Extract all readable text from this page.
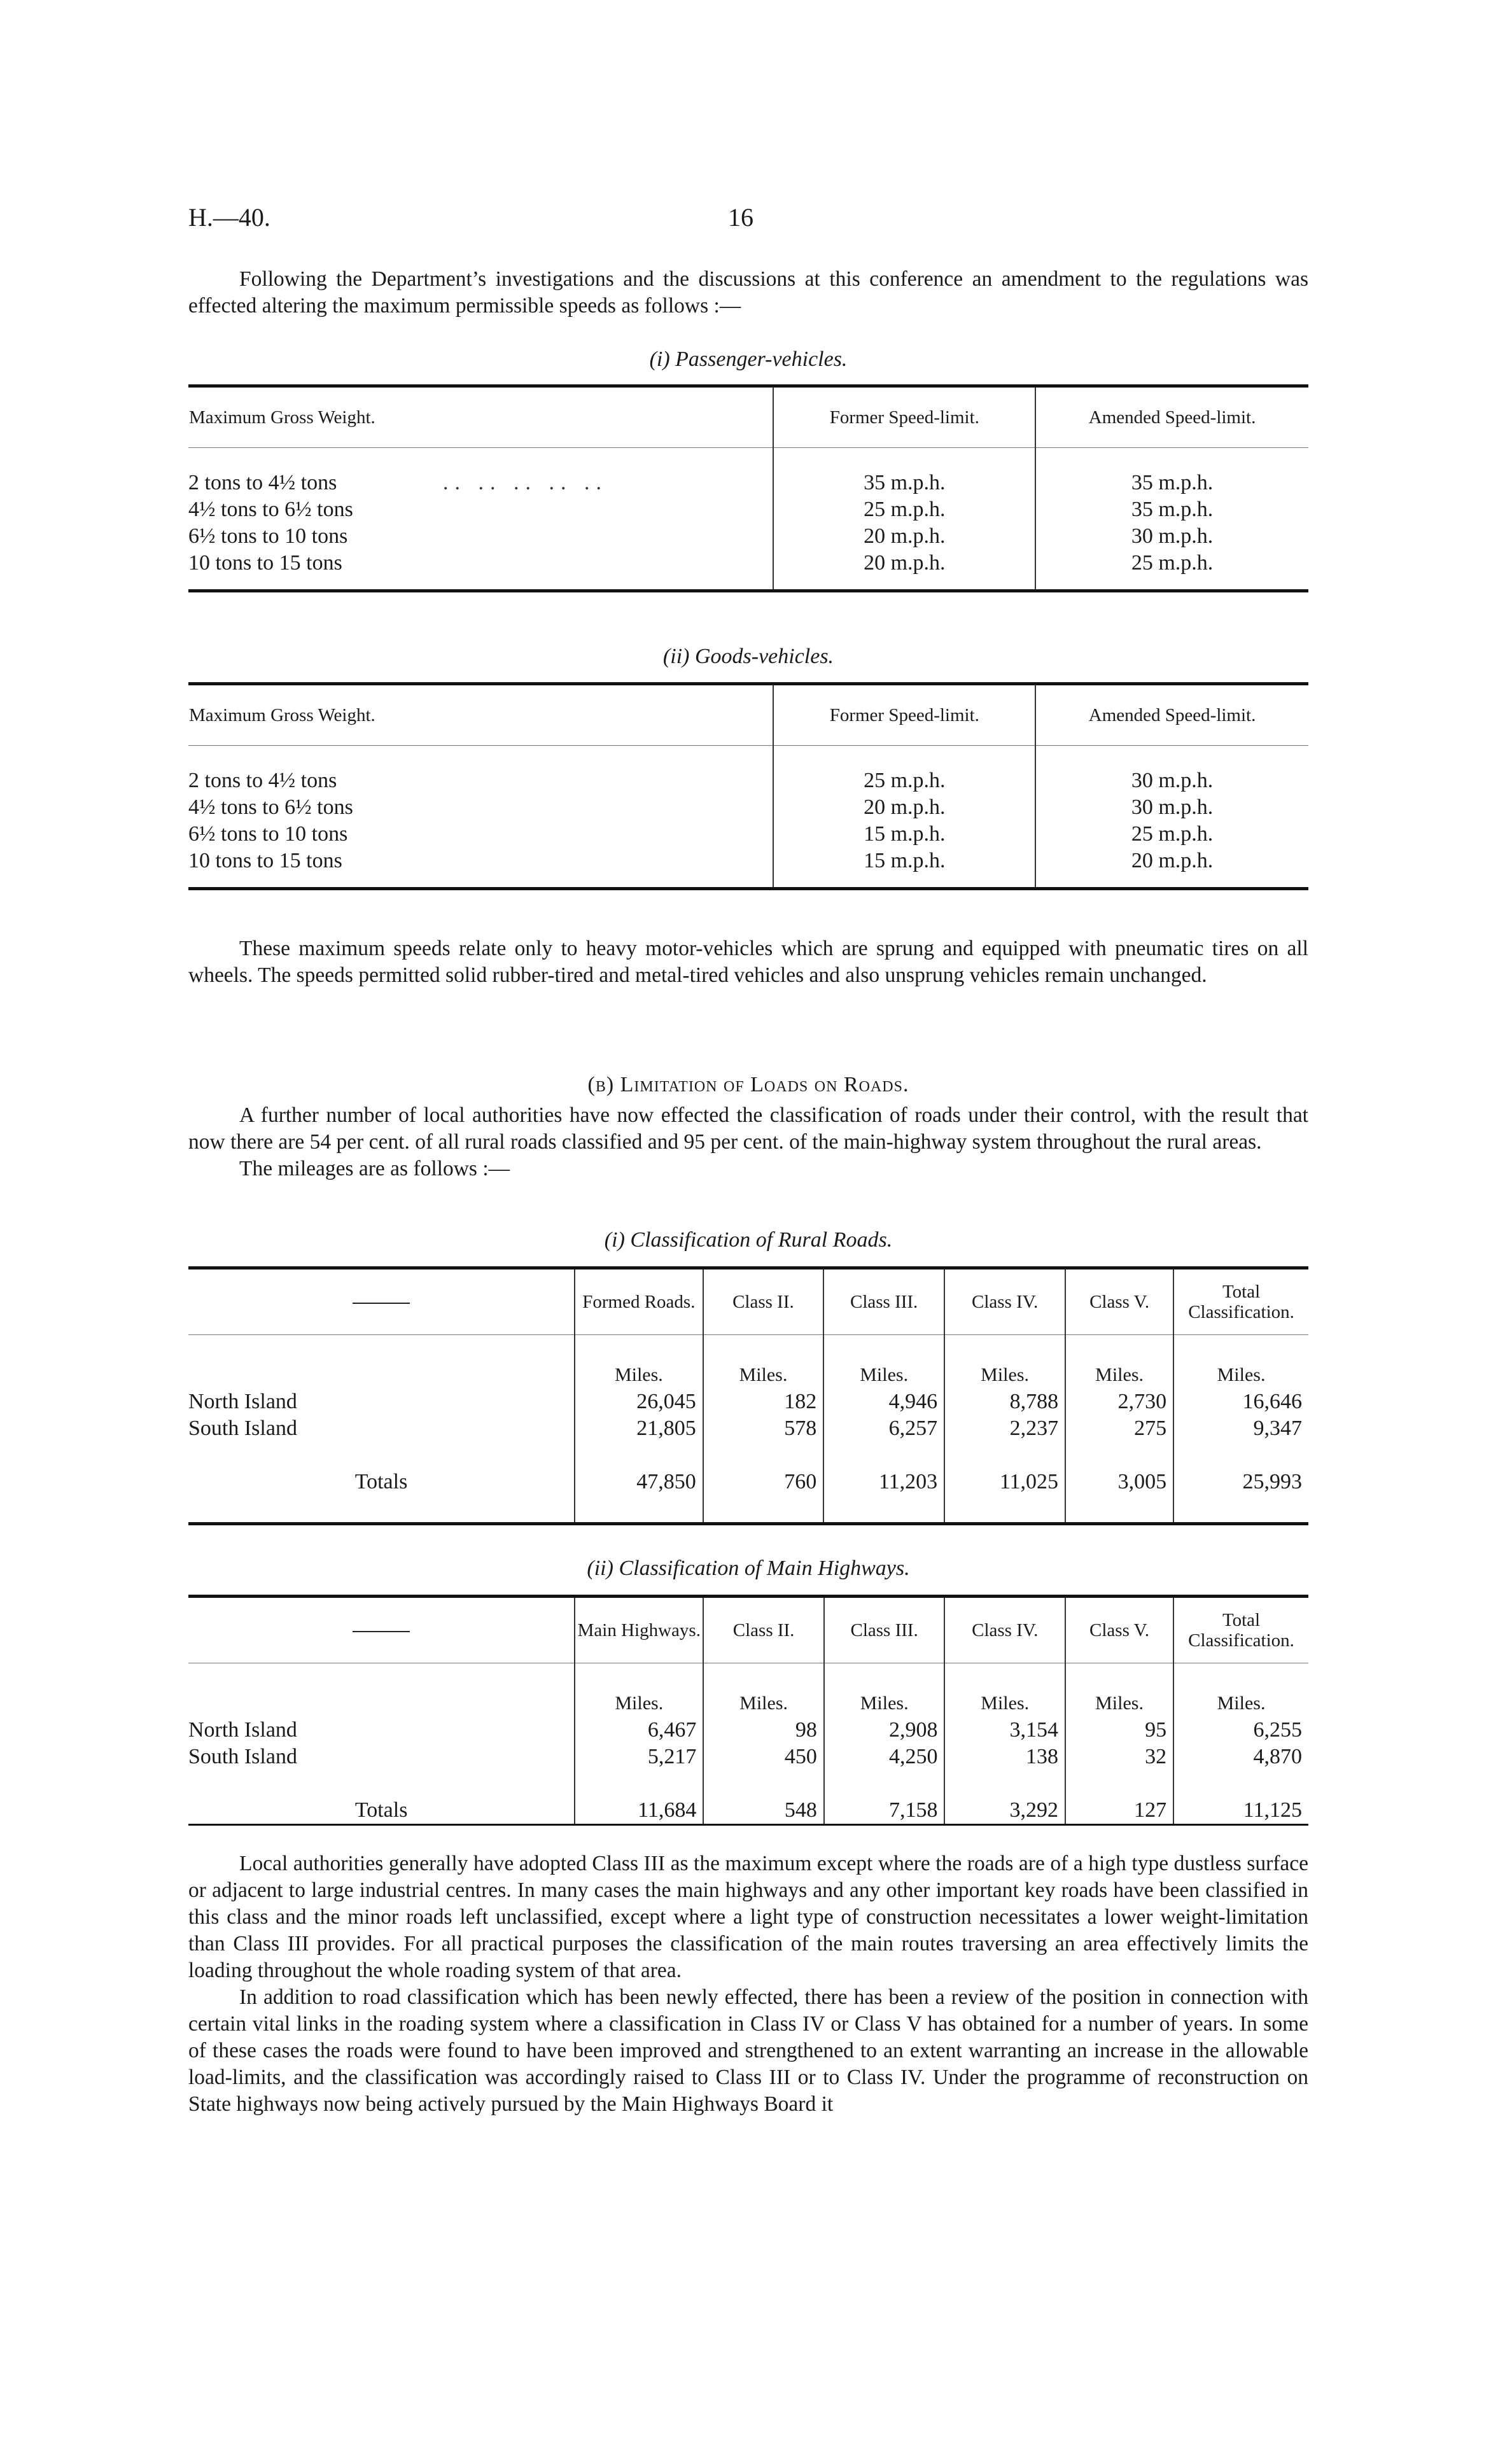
H.—40.	16

Following the Department’s investigations and the discussions at this conference an amendment to the regulations was effected altering the maximum permissible speeds as follows :—

(i) Passenger-vehicles.
Maximum Gross Weight.	Former Speed-limit.	Amended Speed-limit.

2 tons to 4½ tons .. .. .. .. ..	35 m.p.h.	35 m.p.h.
4½ tons to 6½ tons	25 m.p.h.	35 m.p.h.
6½ tons to 10 tons	20 m.p.h.	30 m.p.h.
10 tons to 15 tons	20 m.p.h.	25 m.p.h.

(ii) Goods-vehicles.
Maximum Gross Weight.	Former Speed-limit.	Amended Speed-limit.

2 tons to 4½ tons	25 m.p.h.	30 m.p.h.
4½ tons to 6½ tons	20 m.p.h.	30 m.p.h.
6½ tons to 10 tons	15 m.p.h.	25 m.p.h.
10 tons to 15 tons	15 m.p.h.	20 m.p.h.

These maximum speeds relate only to heavy motor-vehicles which are sprung and equipped with pneumatic tires on all wheels. The speeds permitted solid rubber-tired and metal-tired vehicles and also unsprung vehicles remain unchanged.

(b) Limitation of Loads on Roads.

A further number of local authorities have now effected the classification of roads under their control, with the result that now there are 54 per cent. of all rural roads classified and 95 per cent. of the main-highway system throughout the rural areas.

The mileages are as follows :—

(i) Classification of Rural Roads.
	Formed Roads.	Class II.	Class III.	Class IV.	Class V.	Total Classification.

	Miles.	Miles.	Miles.	Miles.	Miles.	Miles.
North Island	26,045	182	4,946	8,788	2,730	16,646
South Island	21,805	578	6,257	2,237	275	9,347

Totals	47,850	760	11,203	11,025	3,005	25,993

(ii) Classification of Main Highways.
	Main Highways.	Class II.	Class III.	Class IV.	Class V.	Total Classification.

	Miles.	Miles.	Miles.	Miles.	Miles.	Miles.
North Island	6,467	98	2,908	3,154	95	6,255
South Island	5,217	450	4,250	138	32	4,870

Totals	11,684	548	7,158	3,292	127	11,125

Local authorities generally have adopted Class III as the maximum except where the roads are of a high type dustless surface or adjacent to large industrial centres. In many cases the main highways and any other important key roads have been classified in this class and the minor roads left unclassified, except where a light type of construction necessitates a lower weight-limitation than Class III provides. For all practical purposes the classification of the main routes traversing an area effectively limits the loading throughout the whole roading system of that area.

In addition to road classification which has been newly effected, there has been a review of the position in connection with certain vital links in the roading system where a classification in Class IV or Class V has obtained for a number of years. In some of these cases the roads were found to have been improved and strengthened to an extent warranting an increase in the allowable load-limits, and the classification was accordingly raised to Class III or to Class IV. Under the programme of reconstruction on State highways now being actively pursued by the Main Highways Board it
